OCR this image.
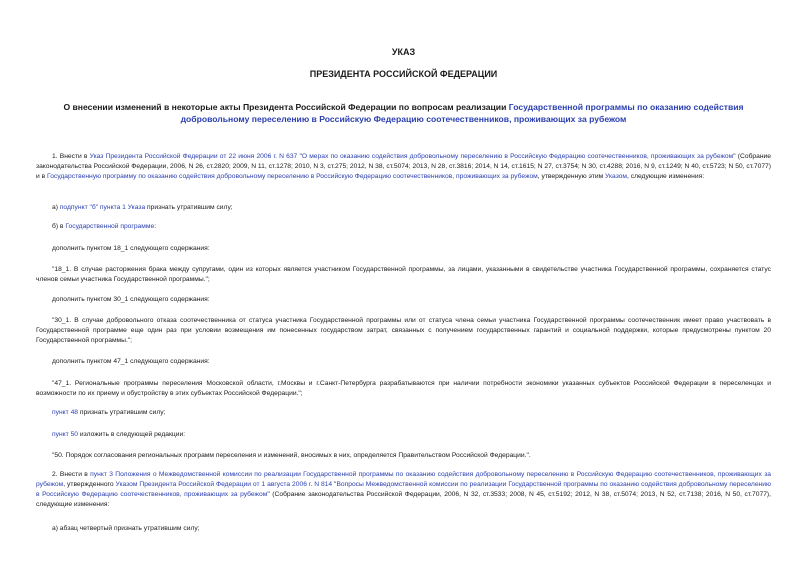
УКАЗ
ПРЕЗИДЕНТА РОССИЙСКОЙ ФЕДЕРАЦИИ
О внесении изменений в некоторые акты Президента Российской Федерации по вопросам реализации Государственной программы по оказанию содействия добровольному переселению в Российскую Федерацию соотечественников, проживающих за рубежом
1. Внести в Указ Президента Российской Федерации от 22 июня 2006 г. N 637 "О мерах по оказанию содействия добровольному переселению в Российскую Федерацию соотечественников, проживающих за рубежом" (Собрание законодательства Российской Федерации, 2006, N 26, ст.2820; 2009, N 11, ст.1278; 2010, N 3, ст.275; 2012, N 38, ст.5074; 2013, N 28, ст.3816; 2014, N 14, ст.1615; N 27, ст.3754; N 30, ст.4288; 2016, N 9, ст.1249; N 40, ст.5723; N 50, ст.7077) и в Государственную программу по оказанию содействия добровольному переселению в Российскую Федерацию соотечественников, проживающих за рубежом, утвержденную этим Указом, следующие изменения:
а) подпункт "б" пункта 1 Указа признать утратившим силу;
б) в Государственной программе:
дополнить пунктом 18_1 следующего содержания:
"18_1. В случае расторжения брака между супругами, один из которых является участником Государственной программы, за лицами, указанными в свидетельстве участника Государственной программы, сохраняется статус членов семьи участника Государственной программы.";
дополнить пунктом 30_1 следующего содержания:
"30_1. В случае добровольного отказа соотечественника от статуса участника Государственной программы или от статуса члена семьи участника Государственной программы соотечественник имеет право участвовать в Государственной программе еще один раз при условии возмещения им понесенных государством затрат, связанных с получением государственных гарантий и социальной поддержки, которые предусмотрены пунктом 20 Государственной программы.";
дополнить пунктом 47_1 следующего содержания:
"47_1. Региональные программы переселения Московской области, г.Москвы и г.Санкт-Петербурга разрабатываются при наличии потребности экономики указанных субъектов Российской Федерации в переселенцах и возможности по их приему и обустройству в этих субъектах Российской Федерации.";
пункт 48 признать утратившим силу;
пункт 50 изложить в следующей редакции:
"50. Порядок согласования региональных программ переселения и изменений, вносимых в них, определяется Правительством Российской Федерации.".
2. Внести в пункт 3 Положения о Межведомственной комиссии по реализации Государственной программы по оказанию содействия добровольному переселению в Российскую Федерацию соотечественников, проживающих за рубежом, утвержденного Указом Президента Российской Федерации от 1 августа 2006 г. N 814 "Вопросы Межведомственной комиссии по реализации Государственной программы по оказанию содействия добровольному переселению в Российскую Федерацию соотечественников, проживающих за рубежом" (Собрание законодательства Российской Федерации, 2006, N 32, ст.3533; 2008, N 45, ст.5192; 2012, N 38, ст.5074; 2013, N 52, ст.7138; 2016, N 50, ст.7077), следующие изменения:
а) абзац четвертый признать утратившим силу;
